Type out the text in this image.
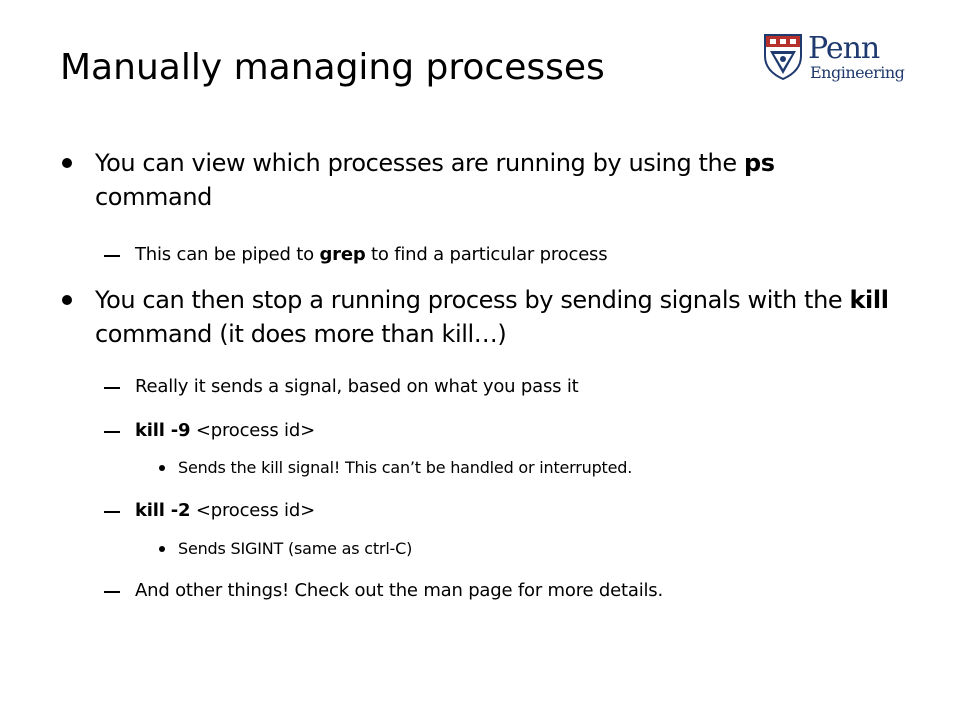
Manually managing processes	Penn
Engineering
You can view which processes are running by using the ps command
This can be piped to grep to find a particular process
You can then stop a running process by sending signals with the kill command (it does more than kill…)
Really it sends a signal, based on what you pass it
kill -9 <process id>
Sends the kill signal! This can’t be handled or interrupted.
kill -2 <process id>
Sends SIGINT (same as ctrl-C)
And other things! Check out the man page for more details.
